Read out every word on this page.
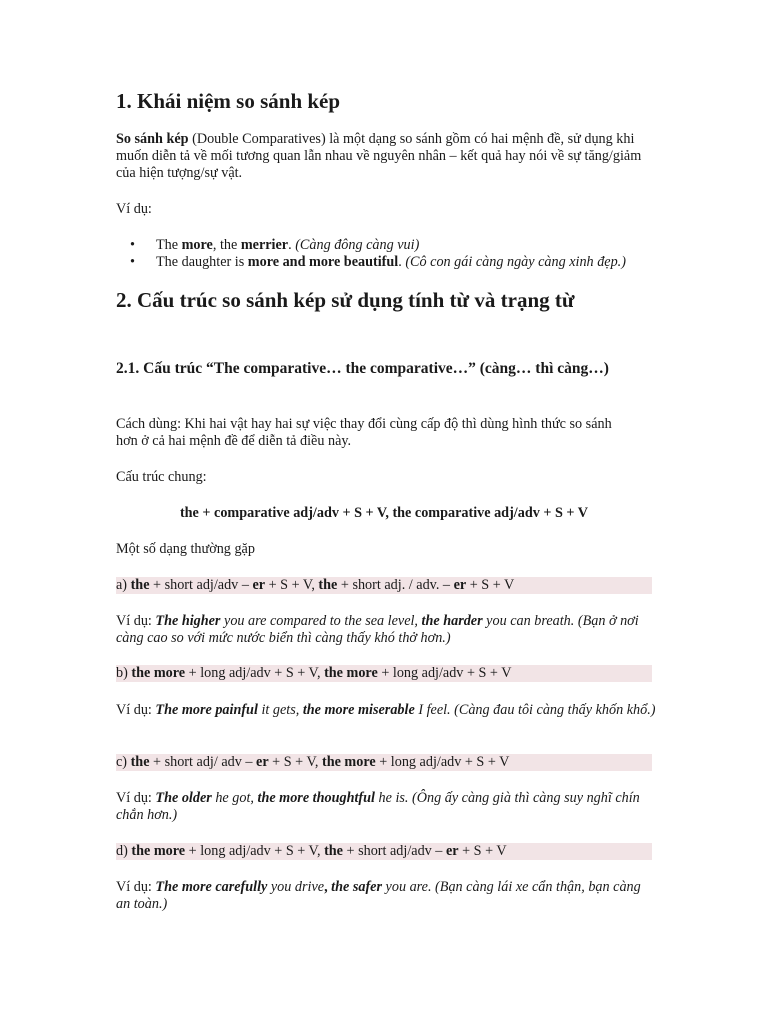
1. Khái niệm so sánh kép

So sánh kép (Double Comparatives) là một dạng so sánh gồm có hai mệnh đề, sử dụng khi muốn diễn tả về mối tương quan lẫn nhau về nguyên nhân – kết quả hay nói về sự tăng/giảm của hiện tượng/sự vật.

Ví dụ:

• The more, the merrier. (Càng đông càng vui)
• The daughter is more and more beautiful. (Cô con gái càng ngày càng xinh đẹp.)
2. Cấu trúc so sánh kép sử dụng tính từ và trạng từ
2.1. Cấu trúc “The comparative… the comparative…” (càng… thì càng…)

Cách dùng: Khi hai vật hay hai sự việc thay đổi cùng cấp độ thì dùng hình thức so sánh hơn ở cả hai mệnh đề để diễn tả điều này.

Cấu trúc chung:

the + comparative adj/adv + S + V, the comparative adj/adv + S + V

Một số dạng thường gặp

a) the + short adj/adv – er + S + V, the + short adj. / adv. – er + S + V

Ví dụ: The higher you are compared to the sea level, the harder you can breath. (Bạn ở nơi càng cao so với mức nước biển thì càng thấy khó thở hơn.)

b) the more + long adj/adv + S + V, the more + long adj/adv + S + V

Ví dụ: The more painful it gets, the more miserable I feel. (Càng đau tôi càng thấy khốn khổ.)

c) the + short adj/ adv – er + S + V, the more + long adj/adv + S + V

Ví dụ: The older he got, the more thoughtful he is. (Ông ấy càng già thì càng suy nghĩ chín chắn hơn.)

d) the more + long adj/adv + S + V, the + short adj/adv – er + S + V

Ví dụ: The more carefully you drive, the safer you are. (Bạn càng lái xe cẩn thận, bạn càng an toàn.)
